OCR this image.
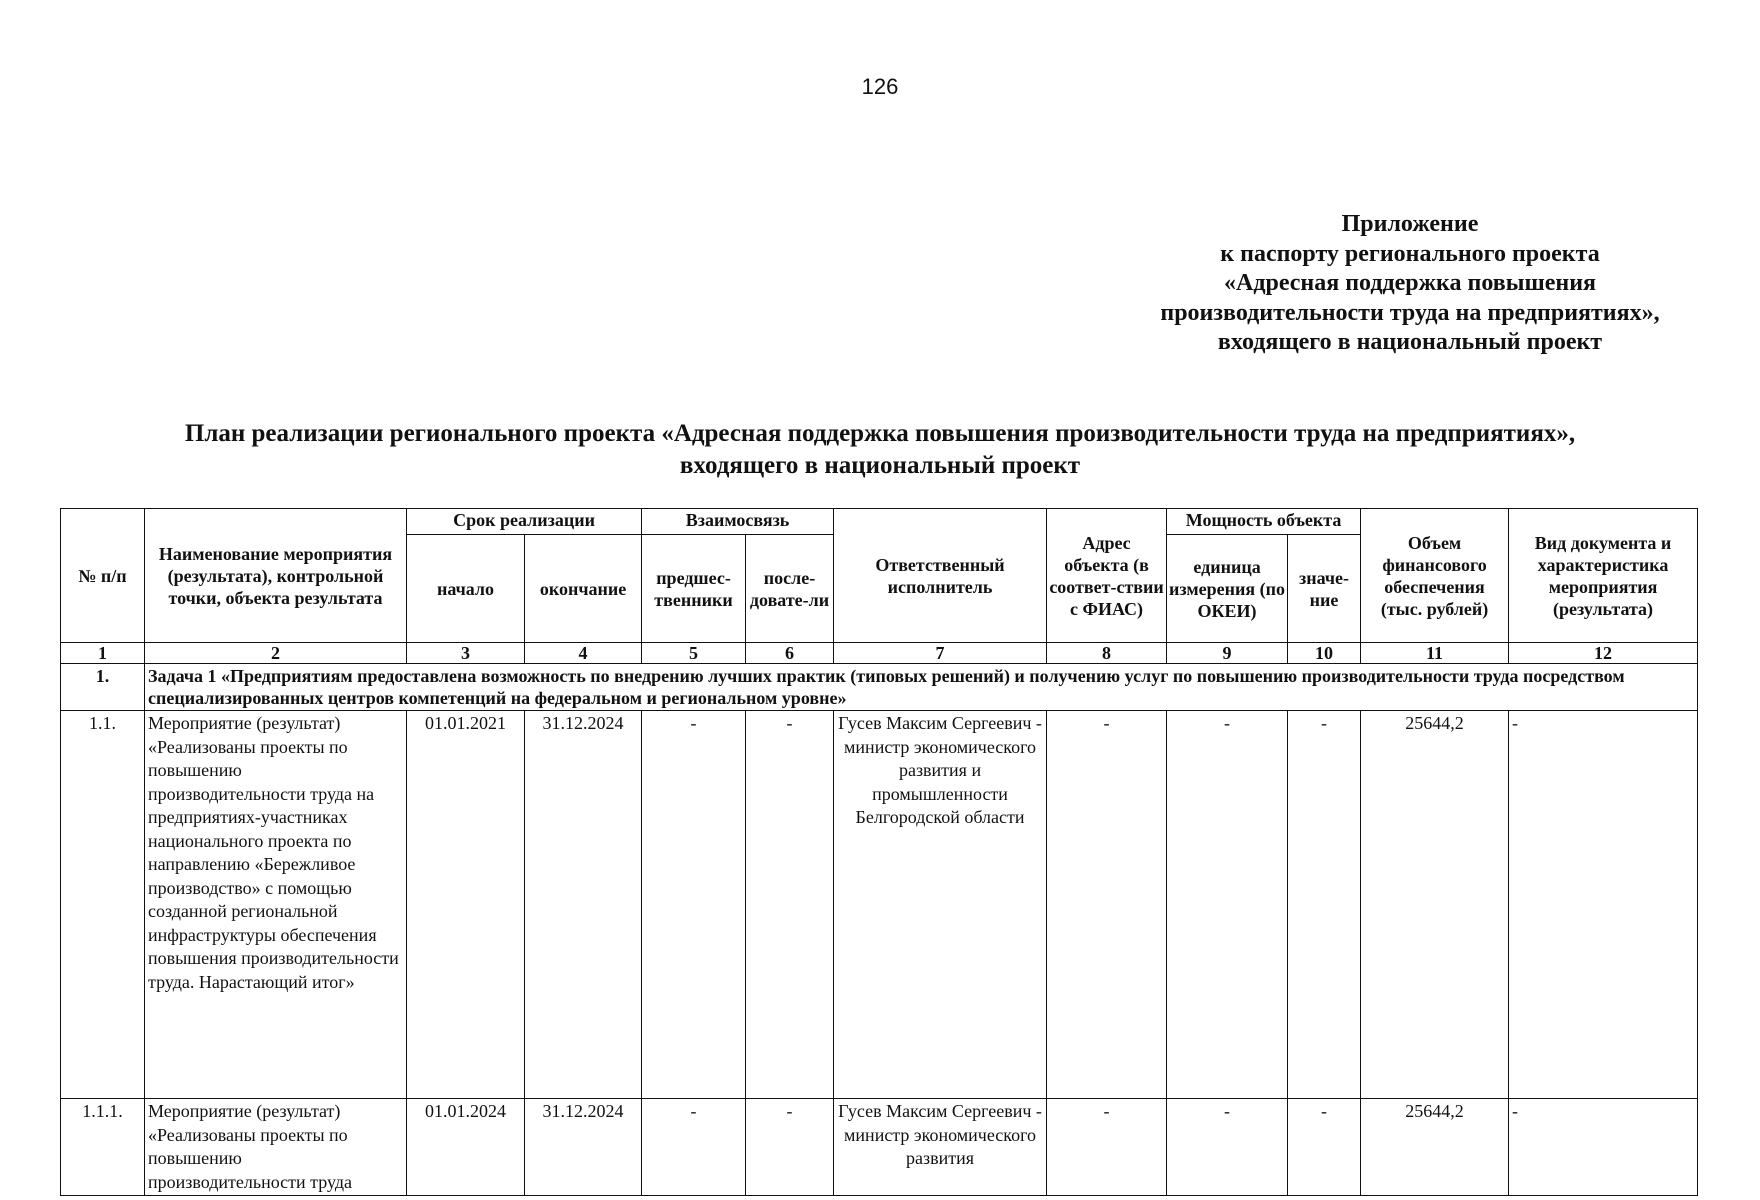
126
Приложение
к паспорту регионального проекта
«Адресная поддержка повышения
производительности труда на предприятиях»,
входящего в национальный проект
План реализации регионального проекта «Адресная поддержка повышения производительности труда на предприятиях»,
входящего в национальный проект
№ п/п	Наименование мероприятия (результата), контрольной точки, объекта результата	Срок реализации		Взаимосвязь		Ответственный исполнитель	Адрес объекта (в соответ-ствии с ФИАС)	Мощность объекта		Объем финансового обеспечения (тыс. рублей)	Вид документа и характеристика мероприятия (результата)
		начало	окончание	предшес-твенники	после-довате-ли			единица измерения (по ОКЕИ)	значе-ние		
1	2	3	4	5	6	7	8	9	10	11	12
1.	Задача 1 «Предприятиям предоставлена возможность по внедрению лучших практик (типовых решений) и получению услуг по повышению производительности труда посредством специализированных центров компетенций на федеральном и региональном уровне»										
1.1.	Мероприятие (результат) «Реализованы проекты по повышению производительности труда на предприятиях-участниках национального проекта по направлению «Бережливое производство» с помощью созданной региональной инфраструктуры обеспечения повышения производительности труда. Нарастающий итог»	01.01.2021	31.12.2024	-	-	Гусев Максим Сергеевич - министр экономического развития и промышленности Белгородской области	-	-	-	25644,2	-
1.1.1.	Мероприятие (результат) «Реализованы проекты по повышению производительности труда	01.01.2024	31.12.2024	-	-	Гусев Максим Сергеевич - министр экономического развития	-	-	-	25644,2	-
